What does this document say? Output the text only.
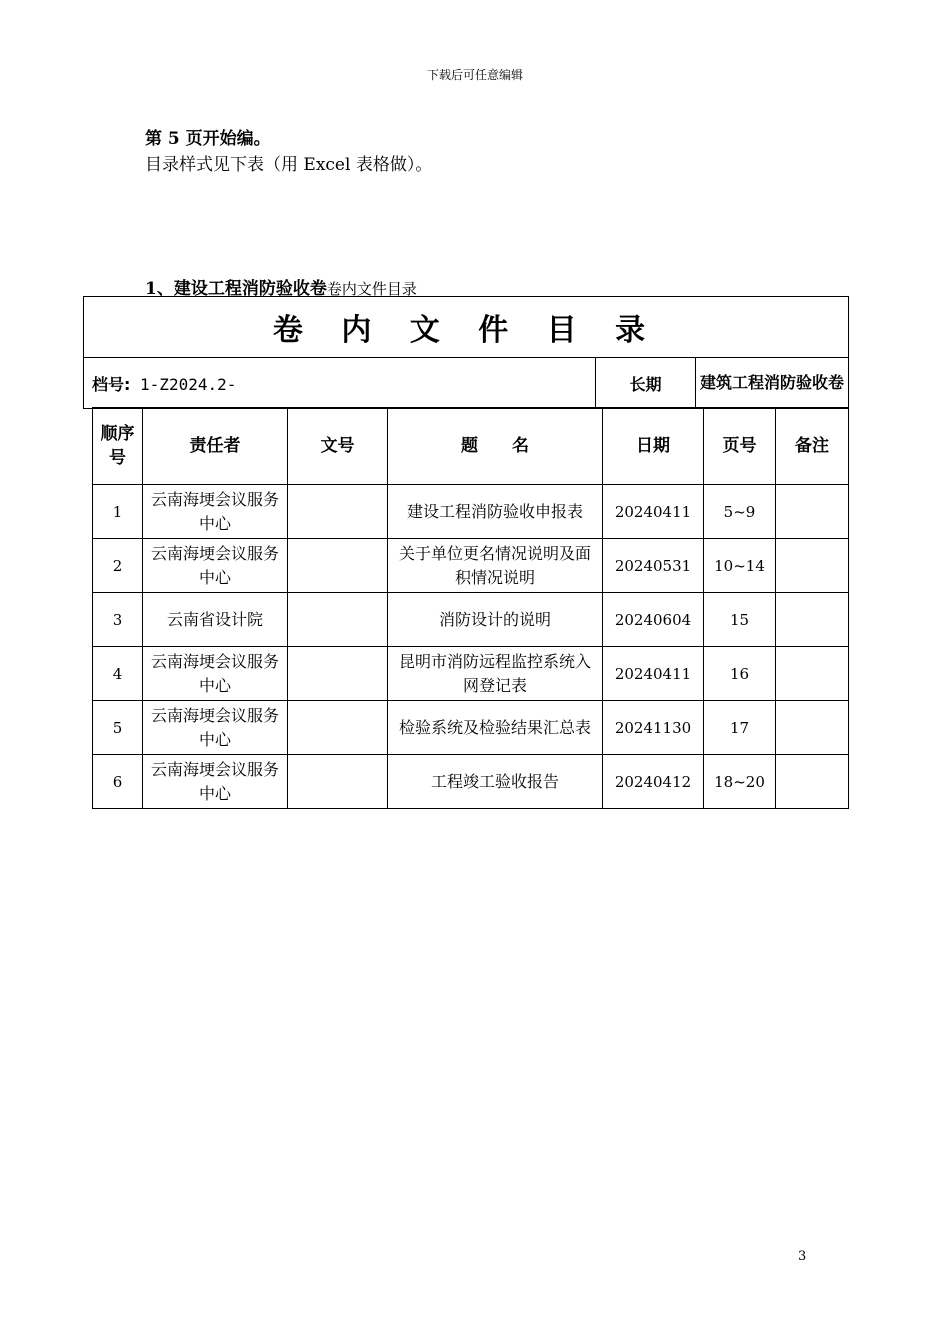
下载后可任意编辑
第 5 页开始编。
目录样式见下表（用 Excel 表格做）。
1、建设工程消防验收卷卷内文件目录
卷 内 文 件 目 录
档号: 1-Z2024.2-	长期	建筑工程消防验收卷
顺序号	责任者	文号	题　　名	日期	页号	备注
1	云南海埂会议服务中心		建设工程消防验收申报表	20240411	5~9	
2	云南海埂会议服务中心		关于单位更名情况说明及面积情况说明	20240531	10~14	
3	云南省设计院		消防设计的说明	20240604	15	
4	云南海埂会议服务中心		昆明市消防远程监控系统入网登记表	20240411	16	
5	云南海埂会议服务中心		检验系统及检验结果汇总表	20241130	17	
6	云南海埂会议服务中心		工程竣工验收报告	20240412	18~20	
3
